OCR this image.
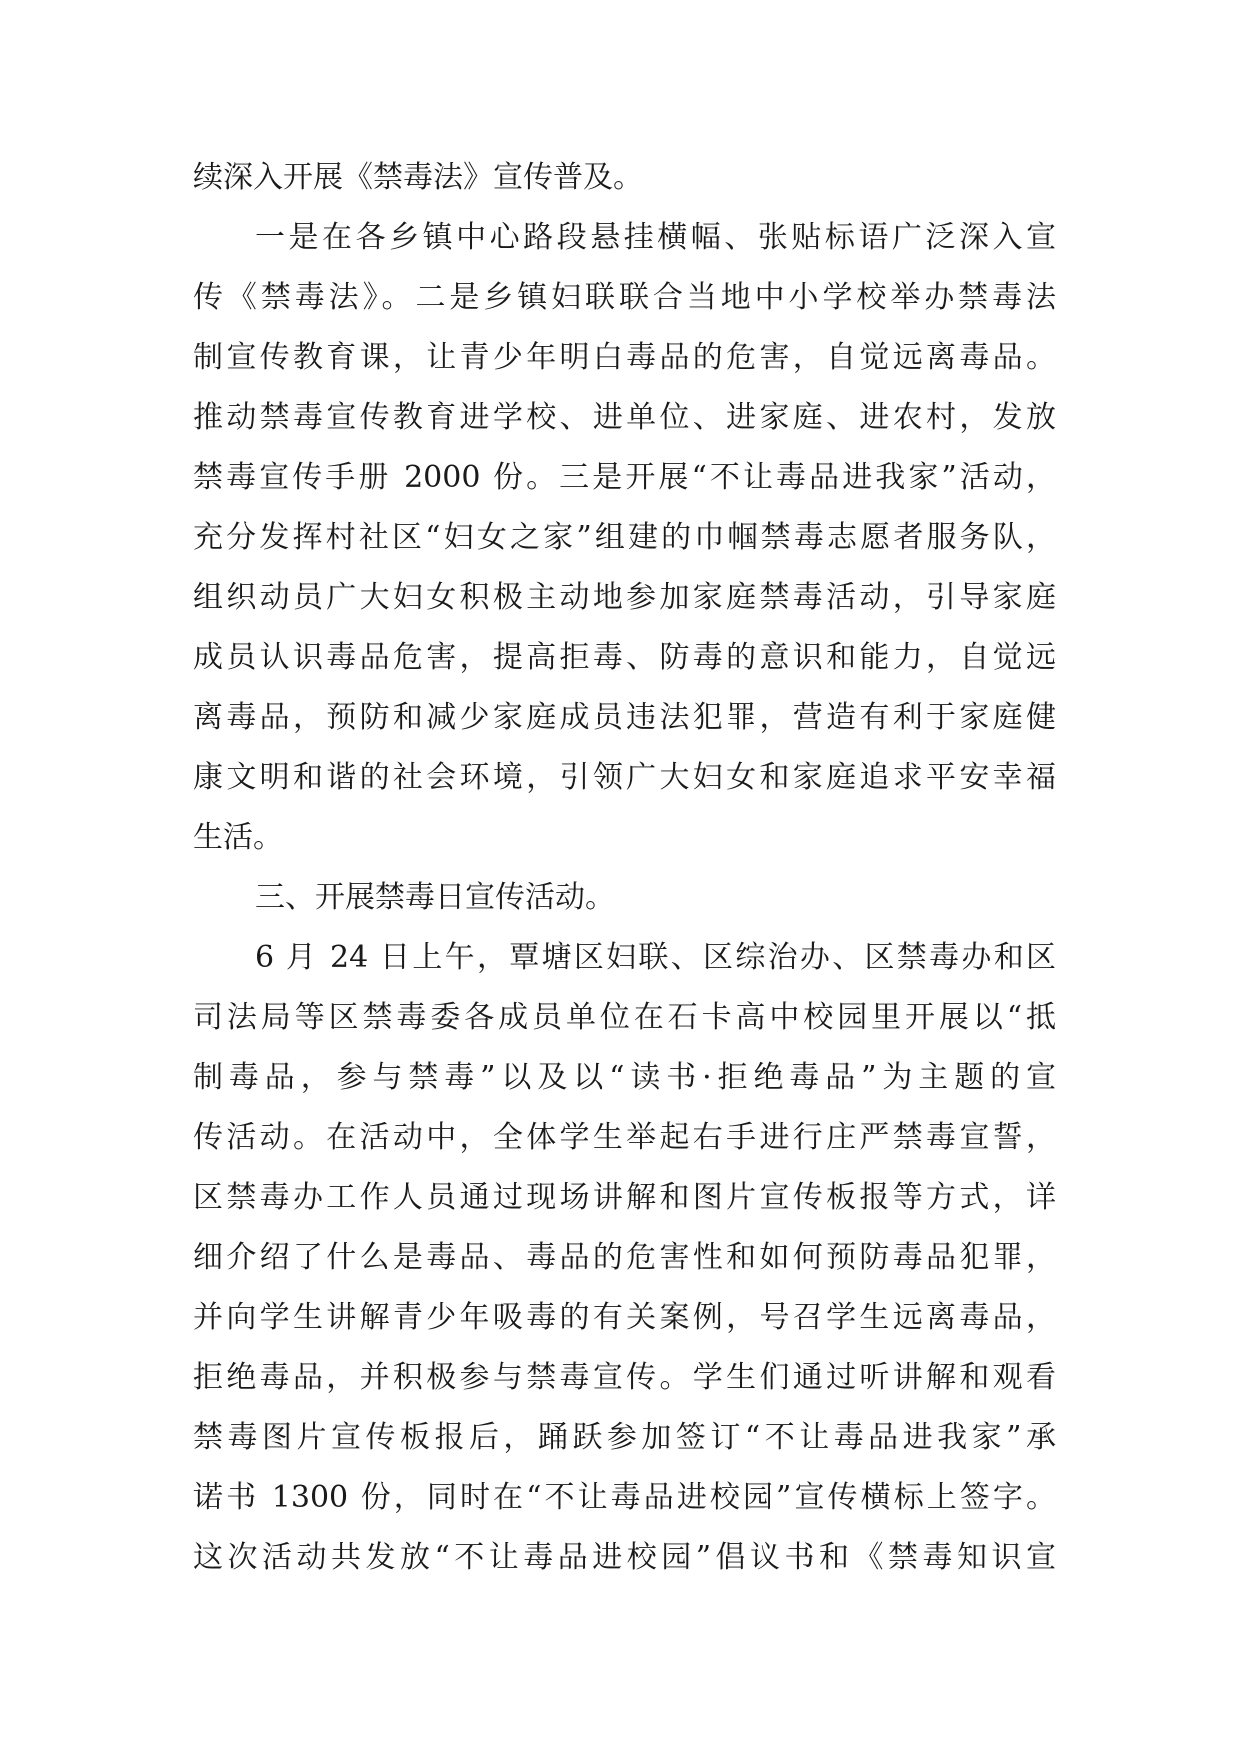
续深入开展《禁毒法》宣传普及。
一是在各乡镇中心路段悬挂横幅、张贴标语广泛深入宣
传《禁毒法》。二是乡镇妇联联合当地中小学校举办禁毒法
制宣传教育课，让青少年明白毒品的危害，自觉远离毒品。
推动禁毒宣传教育进学校、进单位、进家庭、进农村，发放
禁毒宣传手册 2000 份。三是开展“不让毒品进我家”活动，
充分发挥村社区“妇女之家”组建的巾帼禁毒志愿者服务队，
组织动员广大妇女积极主动地参加家庭禁毒活动，引导家庭
成员认识毒品危害，提高拒毒、防毒的意识和能力，自觉远
离毒品，预防和减少家庭成员违法犯罪，营造有利于家庭健
康文明和谐的社会环境，引领广大妇女和家庭追求平安幸福
生活。
三、开展禁毒日宣传活动。
6 月 24 日上午，覃塘区妇联、区综治办、区禁毒办和区
司法局等区禁毒委各成员单位在石卡高中校园里开展以“抵
制毒品，参与禁毒”以及以“读书·拒绝毒品”为主题的宣
传活动。在活动中，全体学生举起右手进行庄严禁毒宣誓，
区禁毒办工作人员通过现场讲解和图片宣传板报等方式，详
细介绍了什么是毒品、毒品的危害性和如何预防毒品犯罪，
并向学生讲解青少年吸毒的有关案例，号召学生远离毒品，
拒绝毒品，并积极参与禁毒宣传。学生们通过听讲解和观看
禁毒图片宣传板报后，踊跃参加签订“不让毒品进我家”承
诺书 1300 份，同时在“不让毒品进校园”宣传横标上签字。
这次活动共发放“不让毒品进校园”倡议书和《禁毒知识宣
